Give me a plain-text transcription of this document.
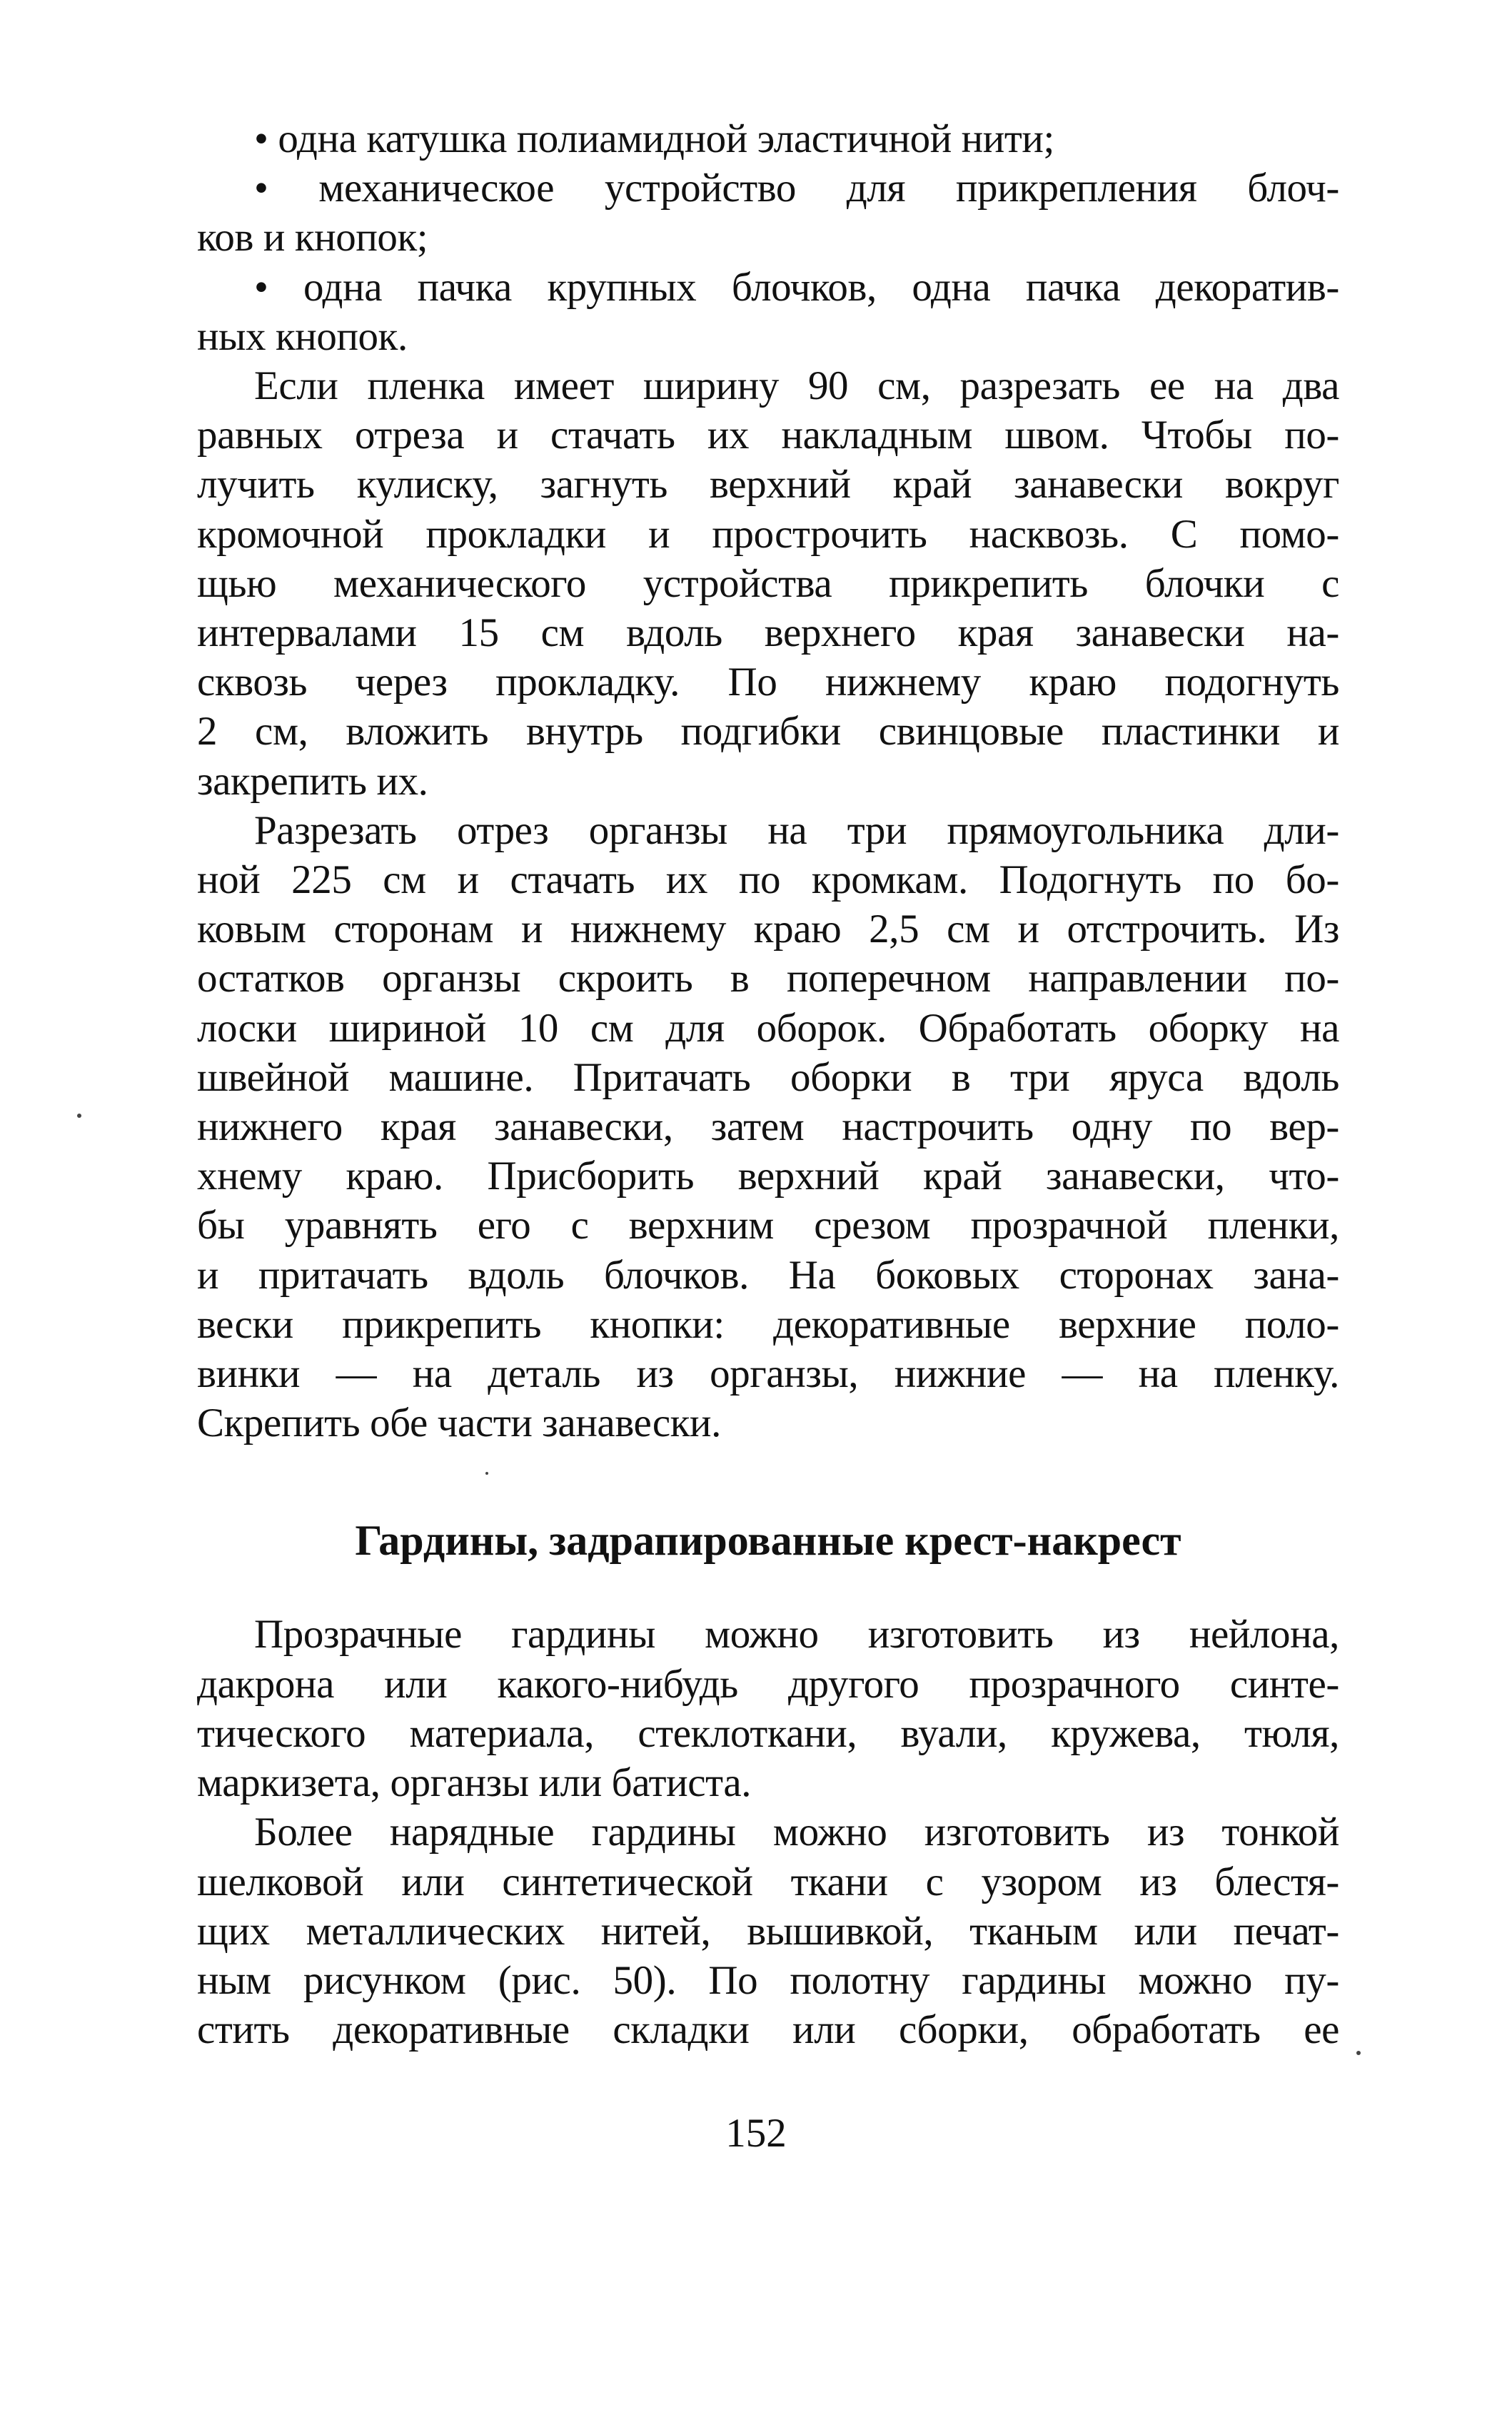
• одна катушка полиамидной эластичной нити;
• механическое устройство для прикрепления блоч-
ков и кнопок;
• одна пачка крупных блочков, одна пачка декоратив-
ных кнопок.
Если пленка имеет ширину 90 см, разрезать ее на два
равных отреза и стачать их накладным швом. Чтобы по-
лучить кулиску, загнуть верхний край занавески вокруг
кромочной прокладки и прострочить насквозь. С помо-
щью механического устройства прикрепить блочки с
интервалами 15 см вдоль верхнего края занавески на-
сквозь через прокладку. По нижнему краю подогнуть
2 см, вложить внутрь подгибки свинцовые пластинки и
закрепить их.
Разрезать отрез органзы на три прямоугольника дли-
ной 225 см и стачать их по кромкам. Подогнуть по бо-
ковым сторонам и нижнему краю 2,5 см и отстрочить. Из
остатков органзы скроить в поперечном направлении по-
лоски шириной 10 см для оборок. Обработать оборку на
швейной машине. Притачать оборки в три яруса вдоль
нижнего края занавески, затем настрочить одну по вер-
хнему краю. Присборить верхний край занавески, что-
бы уравнять его с верхним срезом прозрачной пленки,
и притачать вдоль блочков. На боковых сторонах зана-
вески прикрепить кнопки: декоративные верхние поло-
винки — на деталь из органзы, нижние — на пленку.
Скрепить обе части занавески.
Гардины, задрапированные крест-накрест
Прозрачные гардины можно изготовить из нейлона,
дакрона или какого-нибудь другого прозрачного синте-
тического материала, стеклоткани, вуали, кружева, тюля,
маркизета, органзы или батиста.
Более нарядные гардины можно изготовить из тонкой
шелковой или синтетической ткани с узором из блестя-
щих металлических нитей, вышивкой, тканым или печат-
ным рисунком (рис. 50). По полотну гардины можно пу-
стить декоративные складки или сборки, обработать ее
152
